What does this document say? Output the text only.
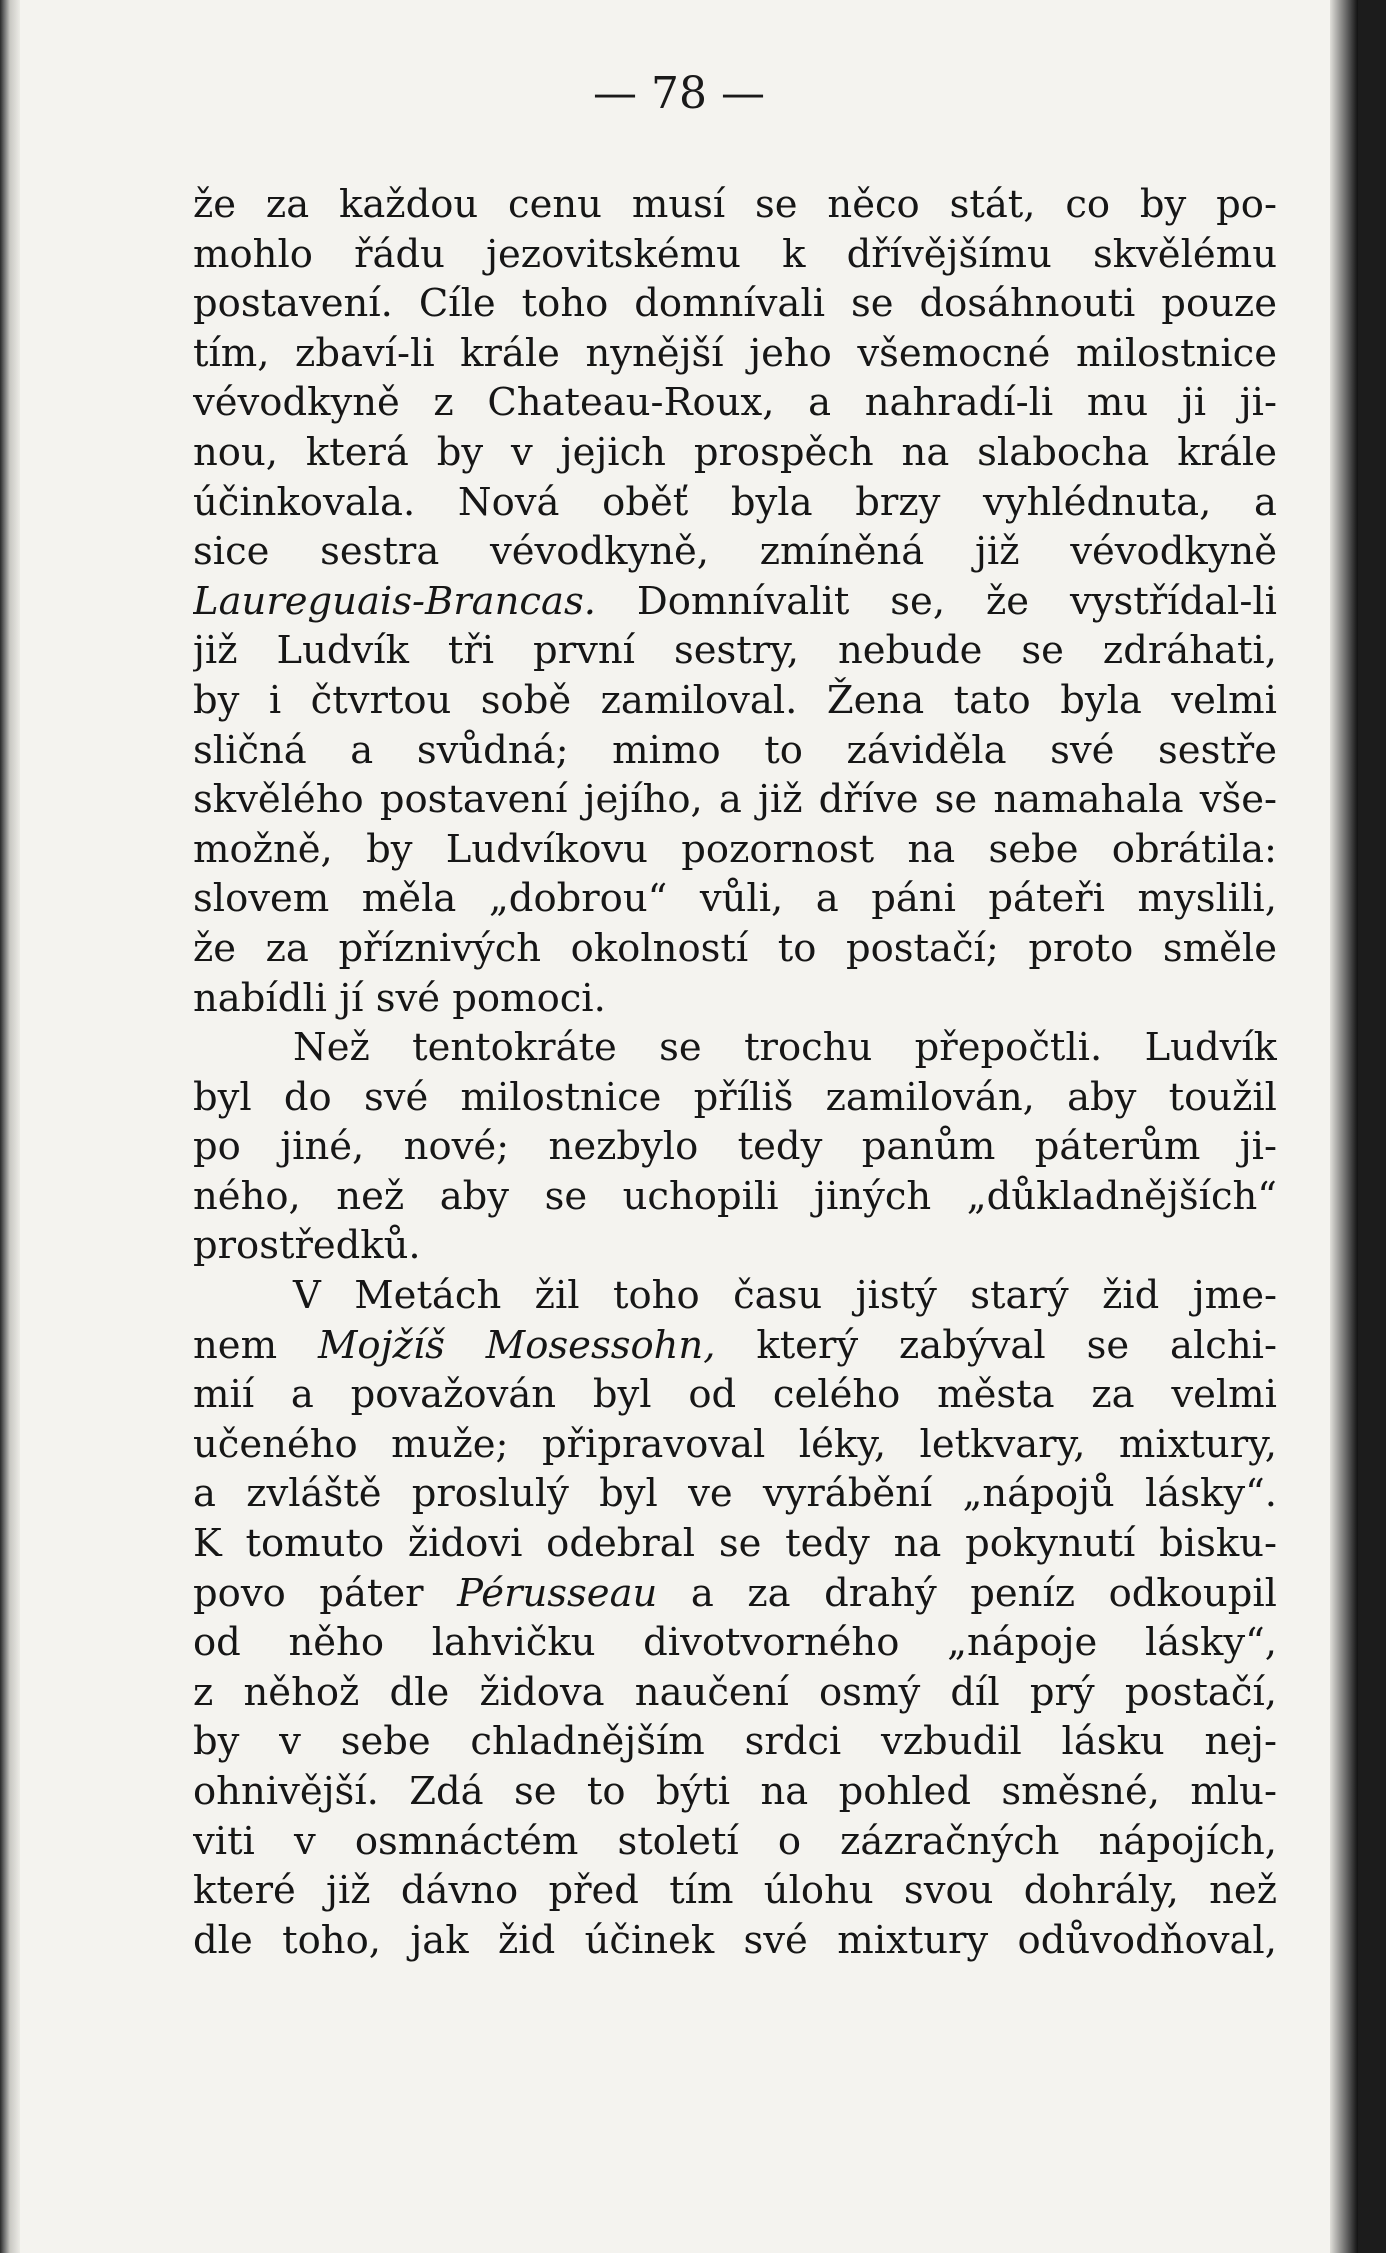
— 78 —
že za každou cenu musí se něco stát, co by po-
mohlo řádu jezovitskému k dřívějšímu skvělému
postavení. Cíle toho domnívali se dosáhnouti pouze
tím, zbaví-li krále nynější jeho všemocné milostnice
vévodkyně z Chateau-Roux, a nahradí-li mu ji ji-
nou, která by v jejich prospěch na slabocha krále
účinkovala. Nová oběť byla brzy vyhlédnuta, a
sice sestra vévodkyně, zmíněná již vévodkyně
Laureguais-Brancas. Domnívalit se, že vystřídal-li
již Ludvík tři první sestry, nebude se zdráhati,
by i čtvrtou sobě zamiloval. Žena tato byla velmi
sličná a svůdná; mimo to záviděla své sestře
skvělého postavení jejího, a již dříve se namahala vše-
možně, by Ludvíkovu pozornost na sebe obrátila:
slovem měla „dobrou“ vůli, a páni páteři myslili,
že za příznivých okolností to postačí; proto směle
nabídli jí své pomoci.
Než tentokráte se trochu přepočtli. Ludvík
byl do své milostnice příliš zamilován, aby toužil
po jiné, nové; nezbylo tedy panům páterům ji-
ného, než aby se uchopili jiných „důkladnějších“
prostředků.
V Metách žil toho času jistý starý žid jme-
nem Mojžíš Mosessohn, který zabýval se alchi-
mií a považován byl od celého města za velmi
učeného muže; připravoval léky, letkvary, mixtury,
a zvláště proslulý byl ve vyrábění „nápojů lásky“.
K tomuto židovi odebral se tedy na pokynutí bisku-
povo páter Pérusseau a za drahý peníz odkoupil
od něho lahvičku divotvorného „nápoje lásky“,
z něhož dle židova naučení osmý díl prý postačí,
by v sebe chladnějším srdci vzbudil lásku nej-
ohnivější. Zdá se to býti na pohled směsné, mlu-
viti v osmnáctém století o zázračných nápojích,
které již dávno před tím úlohu svou dohrály, než
dle toho, jak žid účinek své mixtury odůvodňoval,
